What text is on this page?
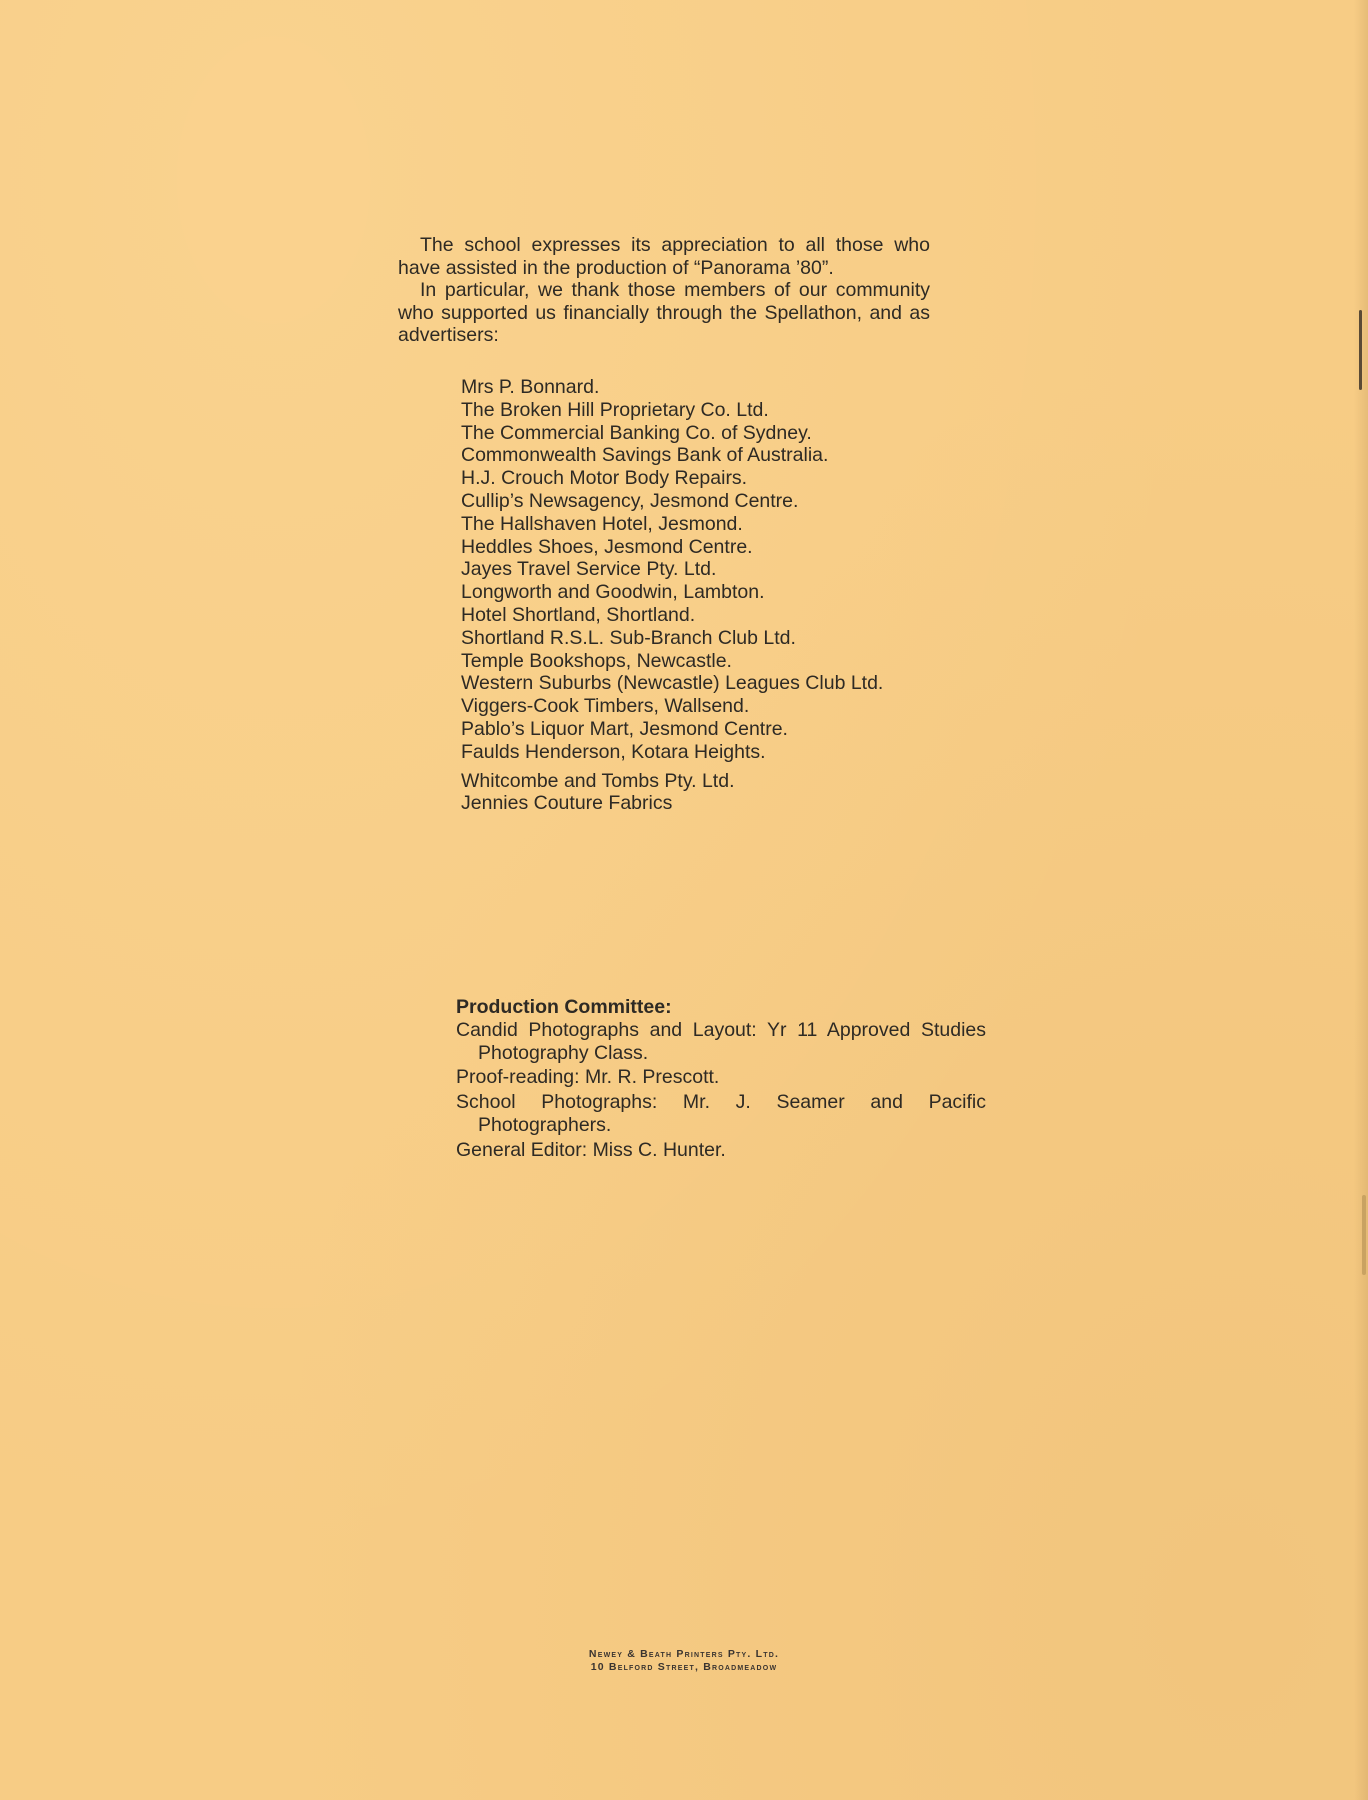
The school expresses its appreciation to all those who have assisted in the production of “Panorama ’80”.

In particular, we thank those members of our community who supported us financially through the Spellathon, and as advertisers:

Mrs P. Bonnard.
The Broken Hill Proprietary Co. Ltd.
The Commercial Banking Co. of Sydney.
Commonwealth Savings Bank of Australia.
H.J. Crouch Motor Body Repairs.
Cullip’s Newsagency, Jesmond Centre.
The Hallshaven Hotel, Jesmond.
Heddles Shoes, Jesmond Centre.
Jayes Travel Service Pty. Ltd.
Longworth and Goodwin, Lambton.
Hotel Shortland, Shortland.
Shortland R.S.L. Sub-Branch Club Ltd.
Temple Bookshops, Newcastle.
Western Suburbs (Newcastle) Leagues Club Ltd.
Viggers-Cook Timbers, Wallsend.
Pablo’s Liquor Mart, Jesmond Centre.
Faulds Henderson, Kotara Heights.
Whitcombe and Tombs Pty. Ltd.
Jennies Couture Fabrics
Production Committee:
Candid Photographs and Layout: Yr 11 Approved Studies Photography Class.
Proof-reading: Mr. R. Prescott.
School Photographs: Mr. J. Seamer and Pacific Photographers.
General Editor: Miss C. Hunter.
Newey & Beath Printers Pty. Ltd.
10 Belford Street, Broadmeadow
